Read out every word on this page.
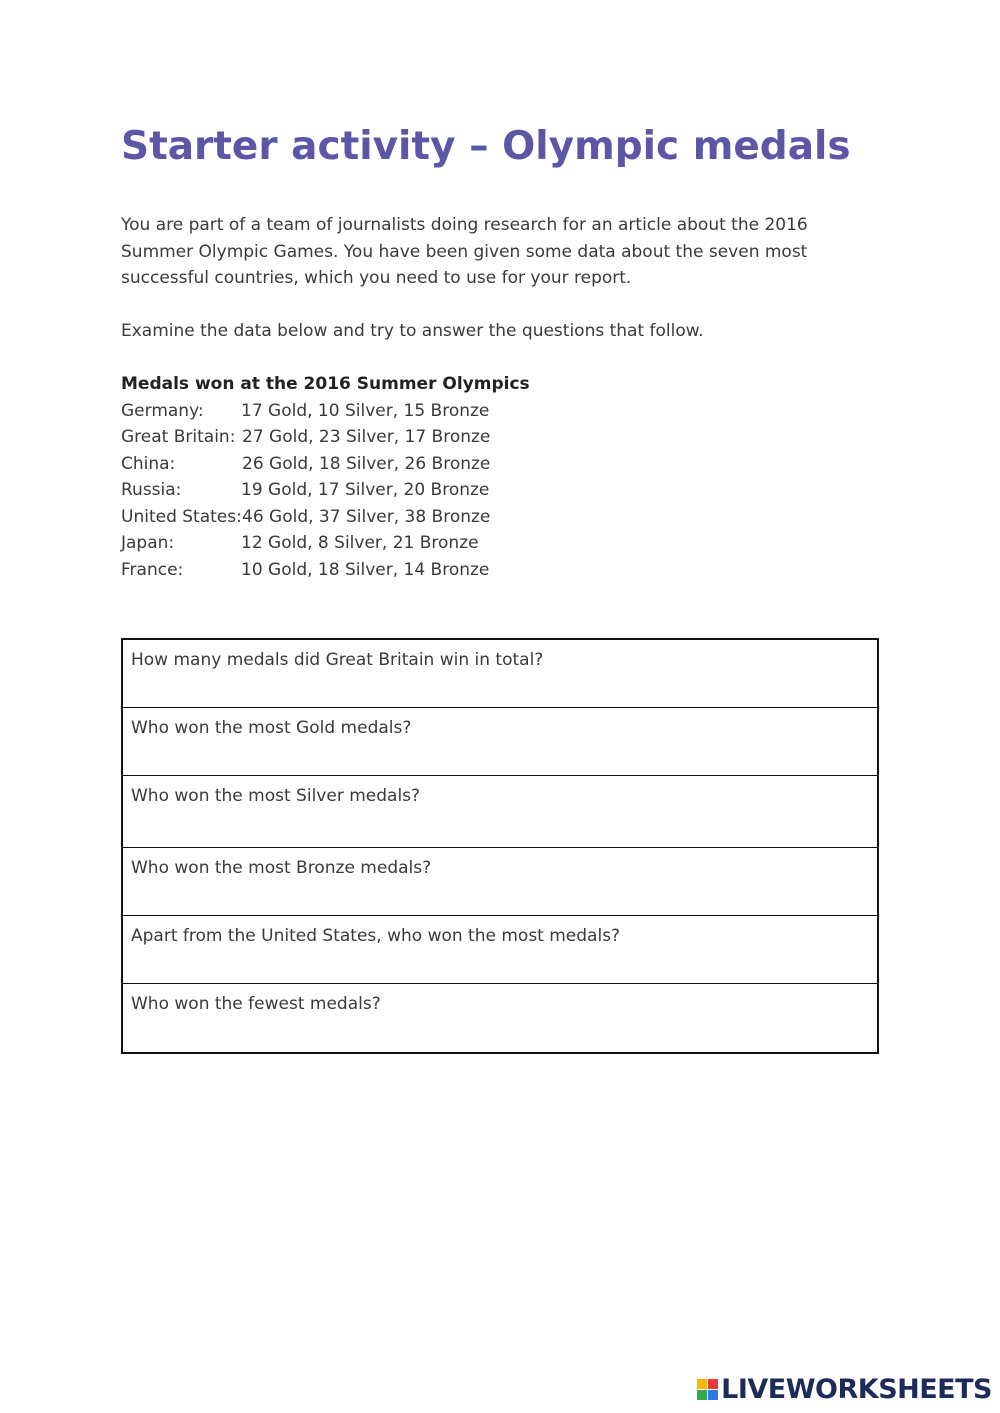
Starter activity – Olympic medals

You are part of a team of journalists doing research for an article about the 2016 Summer Olympic Games. You have been given some data about the seven most successful countries, which you need to use for your report.

Examine the data below and try to answer the questions that follow.

Medals won at the 2016 Summer Olympics
Germany:	17 Gold, 10 Silver, 15 Bronze
Great Britain: 27 Gold, 23 Silver, 17 Bronze
China:	26 Gold, 18 Silver, 26 Bronze
Russia:	19 Gold, 17 Silver, 20 Bronze
United States: 46 Gold, 37 Silver, 38 Bronze
Japan:	12 Gold, 8 Silver, 21 Bronze
France:	10 Gold, 18 Silver, 14 Bronze
How many medals did Great Britain win in total?
Who won the most Gold medals?
Who won the most Silver medals?
Who won the most Bronze medals?
Apart from the United States, who won the most medals?
Who won the fewest medals?
LIVEWORKSHEETS
